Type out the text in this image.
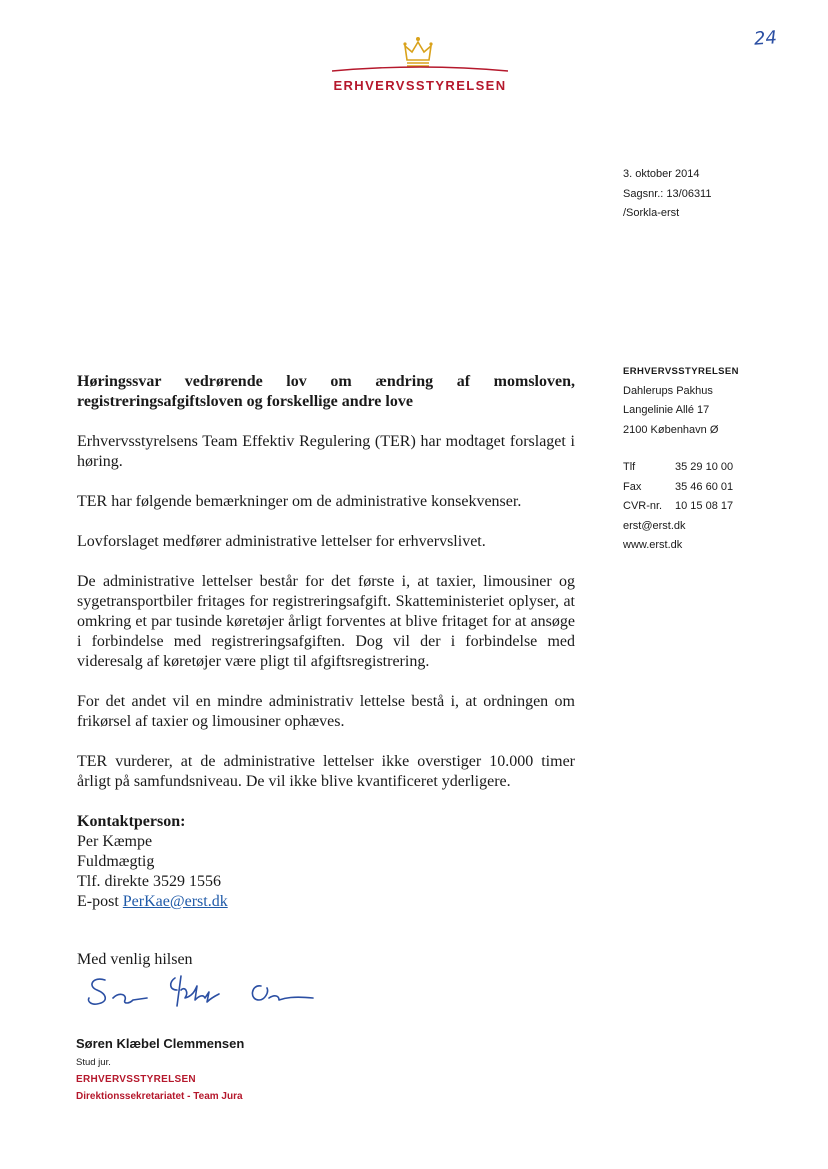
ERHVERVSSTYRELSEN
24
3. oktober 2014
Sagsnr.: 13/06311
/Sorkla-erst
ERHVERVSSTYRELSEN
Dahlerups Pakhus
Langelinie Allé 17
2100 København Ø
Tlf	35 29 10 00
Fax	35 46 60 01
CVR-nr.	10 15 08 17
erst@erst.dk
www.erst.dk

Høringssvar vedrørende lov om ændring af momsloven, registreringsafgiftsloven og forskellige andre love

Erhvervsstyrelsens Team Effektiv Regulering (TER) har modtaget forslaget i høring.

TER har følgende bemærkninger om de administrative konsekvenser.

Lovforslaget medfører administrative lettelser for erhvervslivet.

De administrative lettelser består for det første i, at taxier, limousiner og sygetransportbiler fritages for registreringsafgift. Skatteministeriet oplyser, at omkring et par tusinde køretøjer årligt forventes at blive fritaget for at ansøge i forbindelse med registreringsafgiften. Dog vil der i forbindelse med videresalg af køretøjer være pligt til afgiftsregistrering.

For det andet vil en mindre administrativ lettelse bestå i, at ordningen om frikørsel af taxier og limousiner ophæves.

TER vurderer, at de administrative lettelser ikke overstiger 10.000 timer årligt på samfundsniveau. De vil ikke blive kvantificeret yderligere.

Kontaktperson:
Per Kæmpe
Fuldmægtig
Tlf. direkte 3529 1556
E-post PerKae@erst.dk
Med venlig hilsen
Søren Klæbel Clemmensen
Stud jur.
ERHVERVSSTYRELSEN
Direktionssekretariatet - Team Jura
